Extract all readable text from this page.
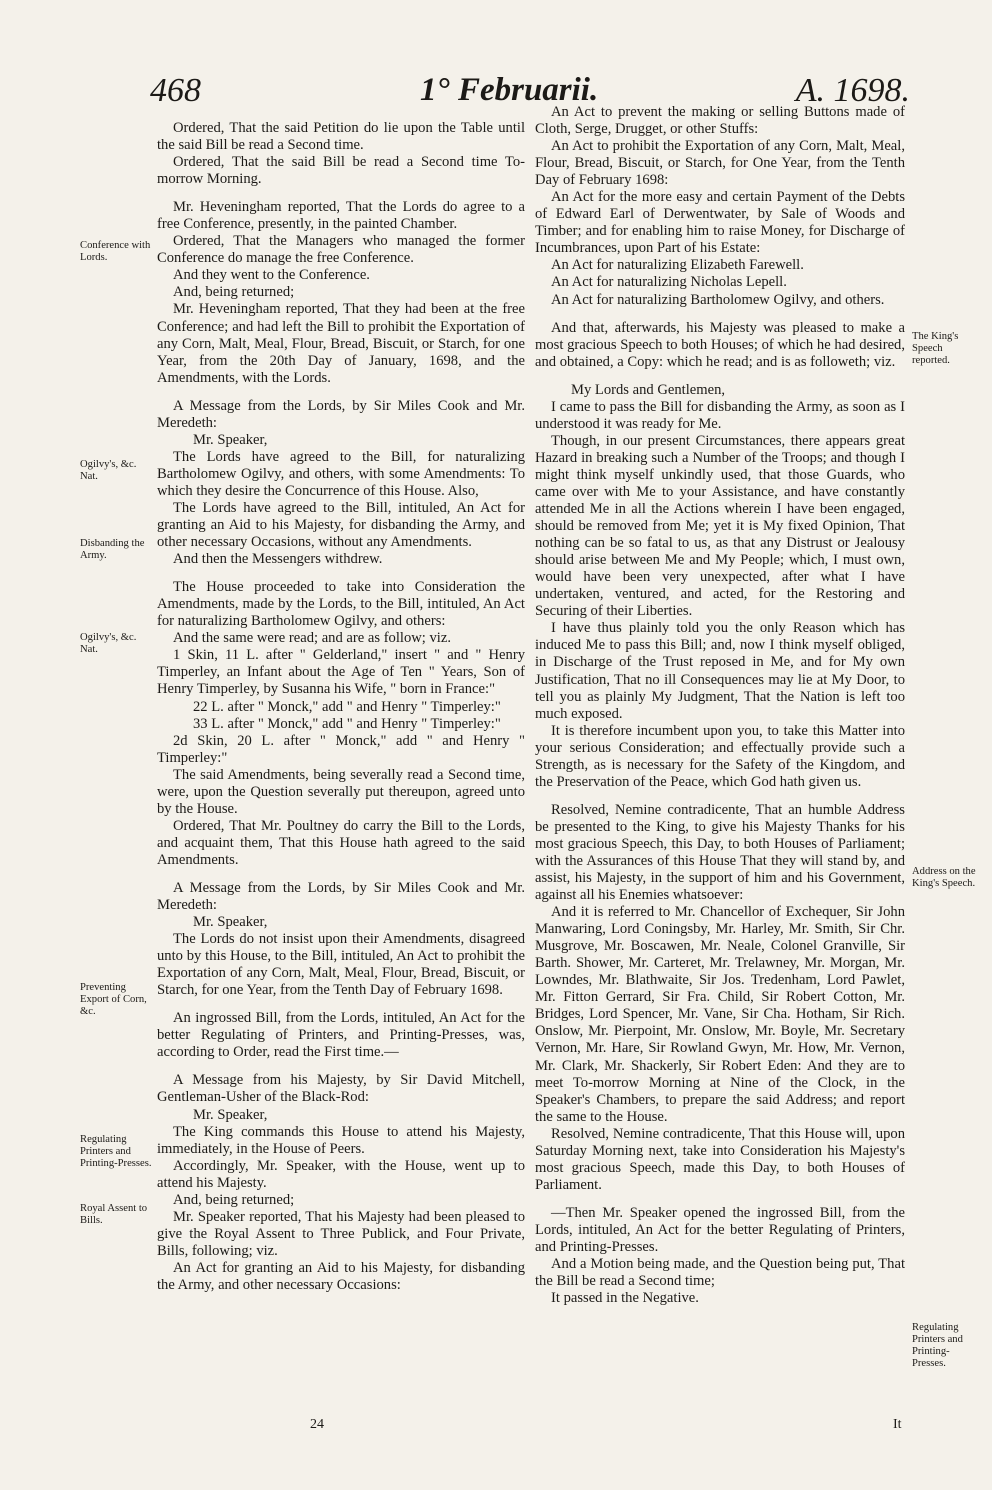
468	1° Februarii.	A. 1698.

Ordered, That the said Petition do lie upon the Table until the said Bill be read a Second time.

Ordered, That the said Bill be read a Second time To-morrow Morning.

Mr. Heveningham reported, That the Lords do agree to a free Conference, presently, in the painted Chamber.

Ordered, That the Managers who managed the former Conference do manage the free Conference.

And they went to the Conference.

And, being returned;

Mr. Heveningham reported, That they had been at the free Conference; and had left the Bill to prohibit the Exportation of any Corn, Malt, Meal, Flour, Bread, Biscuit, or Starch, for one Year, from the 20th Day of January, 1698, and the Amendments, with the Lords.

A Message from the Lords, by Sir Miles Cook and Mr. Meredeth:

Mr. Speaker,

The Lords have agreed to the Bill, for naturalizing Bartholomew Ogilvy, and others, with some Amendments: To which they desire the Concurrence of this House. Also,

The Lords have agreed to the Bill, intituled, An Act for granting an Aid to his Majesty, for disbanding the Army, and other necessary Occasions, without any Amendments.

And then the Messengers withdrew.

The House proceeded to take into Consideration the Amendments, made by the Lords, to the Bill, intituled, An Act for naturalizing Bartholomew Ogilvy, and others:

And the same were read; and are as follow; viz.

1 Skin, 11 L. after " Gelderland," insert " and " Henry Timperley, an Infant about the Age of Ten " Years, Son of Henry Timperley, by Susanna his Wife, " born in France:"

22 L. after " Monck," add " and Henry " Timperley:"

33 L. after " Monck," add " and Henry " Timperley:"

2d Skin, 20 L. after " Monck," add " and Henry " Timperley:"

The said Amendments, being severally read a Second time, were, upon the Question severally put thereupon, agreed unto by the House.

Ordered, That Mr. Poultney do carry the Bill to the Lords, and acquaint them, That this House hath agreed to the said Amendments.

A Message from the Lords, by Sir Miles Cook and Mr. Meredeth:

Mr. Speaker,

The Lords do not insist upon their Amendments, disagreed unto by this House, to the Bill, intituled, An Act to prohibit the Exportation of any Corn, Malt, Meal, Flour, Bread, Biscuit, or Starch, for one Year, from the Tenth Day of February 1698.

An ingrossed Bill, from the Lords, intituled, An Act for the better Regulating of Printers, and Printing-Presses, was, according to Order, read the First time.—

A Message from his Majesty, by Sir David Mitchell, Gentleman-Usher of the Black-Rod:

Mr. Speaker,

The King commands this House to attend his Majesty, immediately, in the House of Peers.

Accordingly, Mr. Speaker, with the House, went up to attend his Majesty.

And, being returned;

Mr. Speaker reported, That his Majesty had been pleased to give the Royal Assent to Three Publick, and Four Private, Bills, following; viz.

An Act for granting an Aid to his Majesty, for disbanding the Army, and other necessary Occasions:

An Act to prevent the making or selling Buttons made of Cloth, Serge, Drugget, or other Stuffs:

An Act to prohibit the Exportation of any Corn, Malt, Meal, Flour, Bread, Biscuit, or Starch, for One Year, from the Tenth Day of February 1698:

An Act for the more easy and certain Payment of the Debts of Edward Earl of Derwentwater, by Sale of Woods and Timber; and for enabling him to raise Money, for Discharge of Incumbrances, upon Part of his Estate:

An Act for naturalizing Elizabeth Farewell.

An Act for naturalizing Nicholas Lepell.

An Act for naturalizing Bartholomew Ogilvy, and others.

And that, afterwards, his Majesty was pleased to make a most gracious Speech to both Houses; of which he had desired, and obtained, a Copy: which he read; and is as followeth; viz.

My Lords and Gentlemen,

I came to pass the Bill for disbanding the Army, as soon as I understood it was ready for Me.

Though, in our present Circumstances, there appears great Hazard in breaking such a Number of the Troops; and though I might think myself unkindly used, that those Guards, who came over with Me to your Assistance, and have constantly attended Me in all the Actions wherein I have been engaged, should be removed from Me; yet it is My fixed Opinion, That nothing can be so fatal to us, as that any Distrust or Jealousy should arise between Me and My People; which, I must own, would have been very unexpected, after what I have undertaken, ventured, and acted, for the Restoring and Securing of their Liberties.

I have thus plainly told you the only Reason which has induced Me to pass this Bill; and, now I think myself obliged, in Discharge of the Trust reposed in Me, and for My own Justification, That no ill Consequences may lie at My Door, to tell you as plainly My Judgment, That the Nation is left too much exposed.

It is therefore incumbent upon you, to take this Matter into your serious Consideration; and effectually provide such a Strength, as is necessary for the Safety of the Kingdom, and the Preservation of the Peace, which God hath given us.

Resolved, Nemine contradicente, That an humble Address be presented to the King, to give his Majesty Thanks for his most gracious Speech, this Day, to both Houses of Parliament; with the Assurances of this House That they will stand by, and assist, his Majesty, in the support of him and his Government, against all his Enemies whatsoever:

And it is referred to Mr. Chancellor of Exchequer, Sir John Manwaring, Lord Coningsby, Mr. Harley, Mr. Smith, Sir Chr. Musgrove, Mr. Boscawen, Mr. Neale, Colonel Granville, Sir Barth. Shower, Mr. Carteret, Mr. Trelawney, Mr. Morgan, Mr. Lowndes, Mr. Blathwaite, Sir Jos. Tredenham, Lord Pawlet, Mr. Fitton Gerrard, Sir Fra. Child, Sir Robert Cotton, Mr. Bridges, Lord Spencer, Mr. Vane, Sir Cha. Hotham, Sir Rich. Onslow, Mr. Pierpoint, Mr. Onslow, Mr. Boyle, Mr. Secretary Vernon, Mr. Hare, Sir Rowland Gwyn, Mr. How, Mr. Vernon, Mr. Clark, Mr. Shackerly, Sir Robert Eden: And they are to meet To-morrow Morning at Nine of the Clock, in the Speaker's Chambers, to prepare the said Address; and report the same to the House.

Resolved, Nemine contradicente, That this House will, upon Saturday Morning next, take into Consideration his Majesty's most gracious Speech, made this Day, to both Houses of Parliament.

—Then Mr. Speaker opened the ingrossed Bill, from the Lords, intituled, An Act for the better Regulating of Printers, and Printing-Presses.

And a Motion being made, and the Question being put, That the Bill be read a Second time;

It passed in the Negative.

Conference with Lords.
Ogilvy's, &c. Nat.
Disbanding the Army.
Ogilvy's, &c. Nat.
Preventing Export of Corn, &c.
Regulating Printers and Printing-Presses.
Royal Assent to Bills.
The King's Speech reported.
Address on the King's Speech.
Regulating Printers and Printing-Presses.
24	It
